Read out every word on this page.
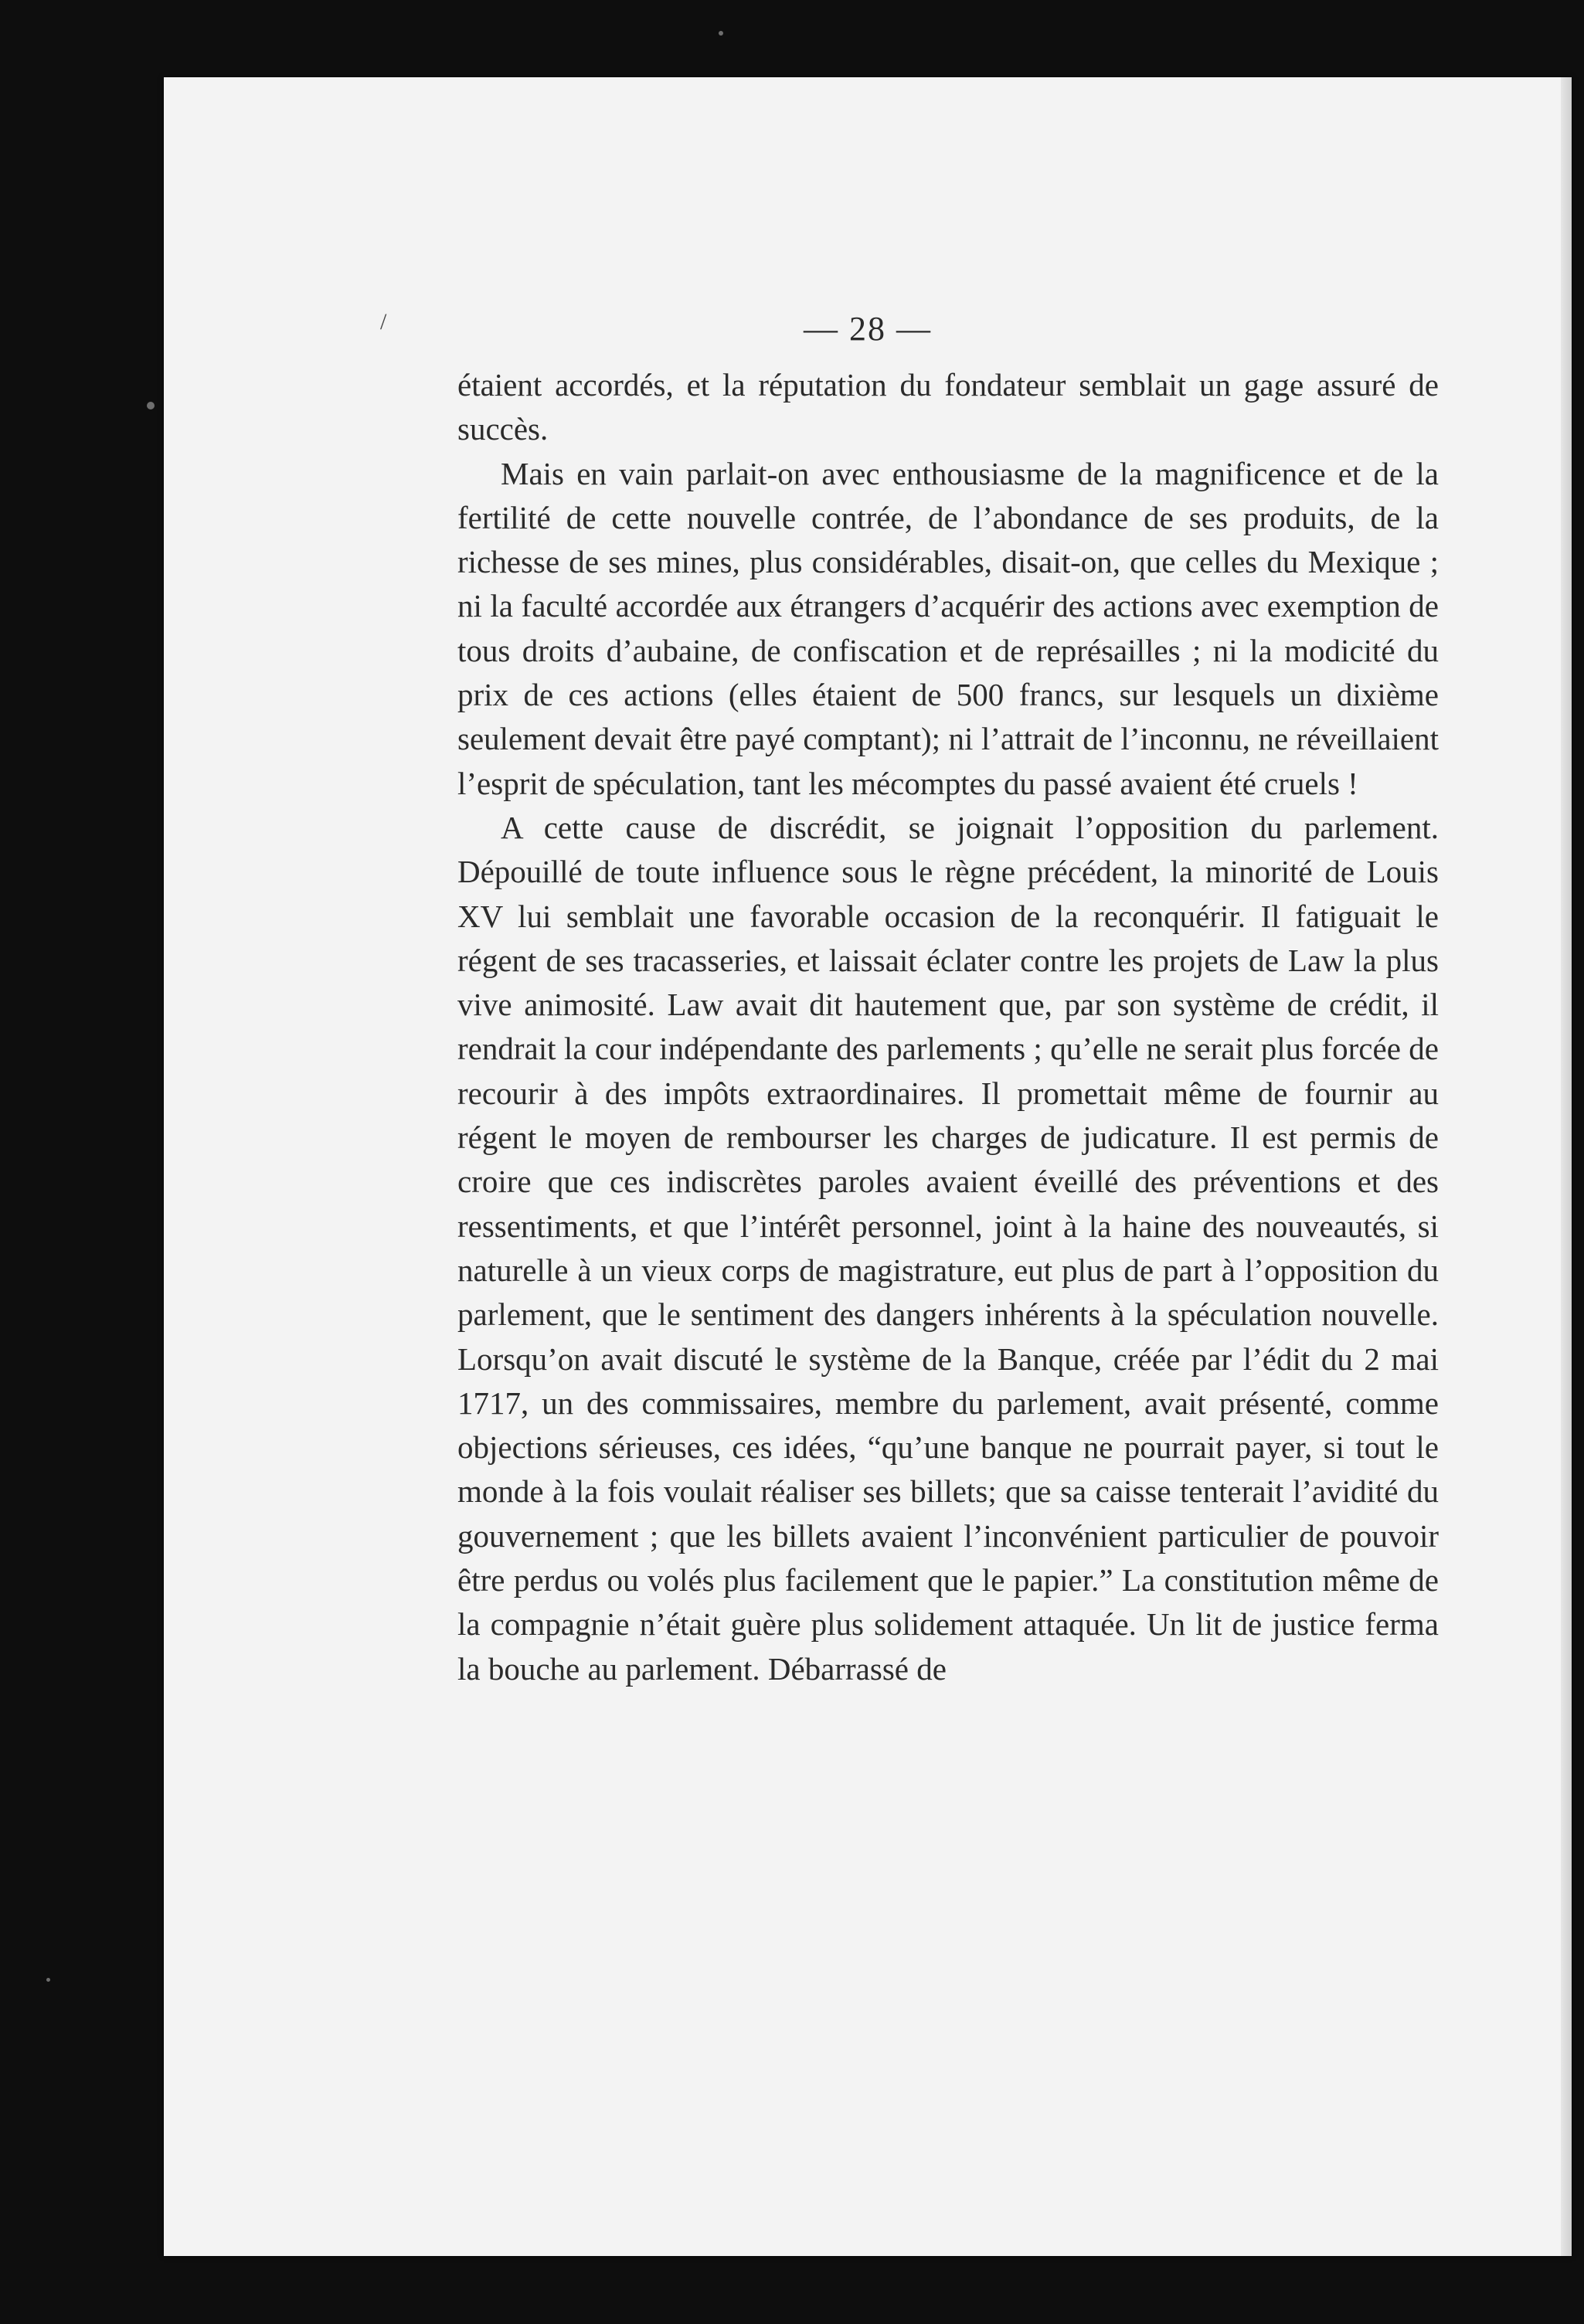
/	— 28 —

étaient accordés, et la réputation du fondateur semblait un gage assuré de succès.

Mais en vain parlait-on avec enthousiasme de la magnificence et de la fertilité de cette nouvelle contrée, de l’abondance de ses produits, de la richesse de ses mines, plus considérables, disait-on, que celles du Mexique ; ni la faculté accordée aux étrangers d’acquérir des actions avec exemption de tous droits d’aubaine, de confiscation et de représailles ; ni la modicité du prix de ces actions (elles étaient de 500 francs, sur lesquels un dixième seulement devait être payé comptant); ni l’attrait de l’inconnu, ne réveillaient l’esprit de spéculation, tant les mécomptes du passé avaient été cruels !

A cette cause de discrédit, se joignait l’opposition du parlement. Dépouillé de toute influence sous le règne précédent, la minorité de Louis XV lui semblait une favorable occasion de la reconquérir. Il fatiguait le régent de ses tracasseries, et laissait éclater contre les projets de Law la plus vive animosité. Law avait dit hautement que, par son système de crédit, il rendrait la cour indépendante des parlements ; qu’elle ne serait plus forcée de recourir à des impôts extraordinaires. Il promettait même de fournir au régent le moyen de rembourser les charges de judicature. Il est permis de croire que ces indiscrètes paroles avaient éveillé des préventions et des ressentiments, et que l’intérêt personnel, joint à la haine des nouveautés, si naturelle à un vieux corps de magistrature, eut plus de part à l’opposition du parlement, que le sentiment des dangers inhérents à la spéculation nouvelle. Lorsqu’on avait discuté le système de la Banque, créée par l’édit du 2 mai 1717, un des commissaires, membre du parlement, avait présenté, comme objections sérieuses, ces idées, “qu’une banque ne pourrait payer, si tout le monde à la fois voulait réaliser ses billets; que sa caisse tenterait l’avidité du gouvernement ; que les billets avaient l’inconvénient particulier de pouvoir être perdus ou volés plus facilement que le papier.” La constitution même de la compagnie n’était guère plus solidement attaquée. Un lit de justice ferma la bouche au parlement. Débarrassé de
